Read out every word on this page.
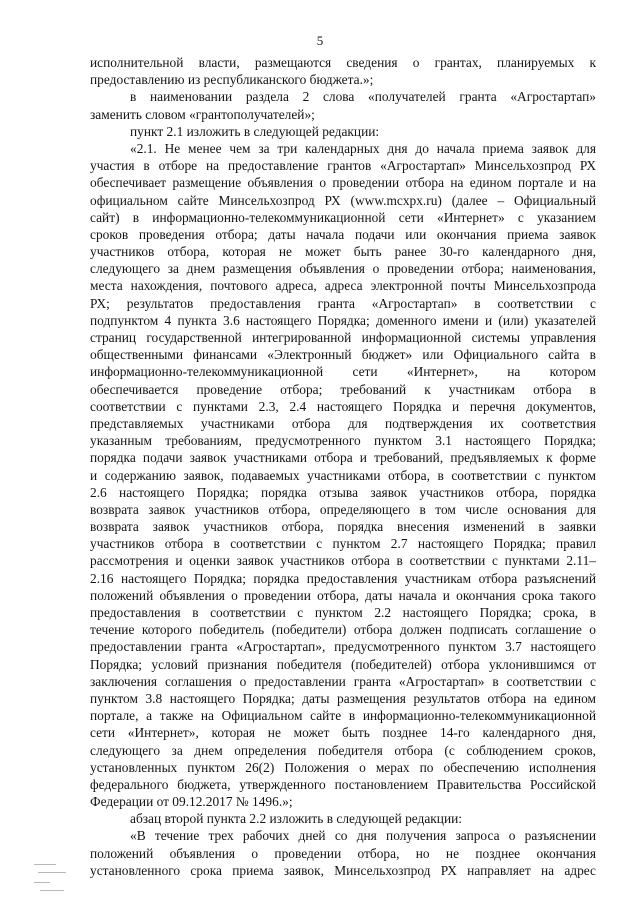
5
исполнительной власти, размещаются сведения о грантах, планируемых к
предоставлению из республиканского бюджета.»;
в наименовании раздела 2 слова «получателей гранта «Агростартап»
заменить словом «грантополучателей»;
пункт 2.1 изложить в следующей редакции:
«2.1. Не менее чем за три календарных дня до начала приема заявок для
участия в отборе на предоставление грантов «Агростартап» Минсельхозпрод РХ
обеспечивает размещение объявления о проведении отбора на едином портале и на
официальном сайте Минсельхозпрод РХ (www.mcxpx.ru) (далее – Официальный
сайт) в информационно-телекоммуникационной сети «Интернет» с указанием
сроков проведения отбора; даты начала подачи или окончания приема заявок
участников отбора, которая не может быть ранее 30-го календарного дня,
следующего за днем размещения объявления о проведении отбора; наименования,
места нахождения, почтового адреса, адреса электронной почты Минсельхозпрода
РХ; результатов предоставления гранта «Агростартап» в соответствии с
подпунктом 4 пункта 3.6 настоящего Порядка; доменного имени и (или) указателей
страниц государственной интегрированной информационной системы управления
общественными финансами «Электронный бюджет» или Официального сайта в
информационно-телекоммуникационной сети «Интернет», на котором
обеспечивается проведение отбора; требований к участникам отбора в
соответствии с пунктами 2.3, 2.4 настоящего Порядка и перечня документов,
представляемых участниками отбора для подтверждения их соответствия
указанным требованиям, предусмотренного пунктом 3.1 настоящего Порядка;
порядка подачи заявок участниками отбора и требований, предъявляемых к форме
и содержанию заявок, подаваемых участниками отбора, в соответствии с пунктом
2.6 настоящего Порядка; порядка отзыва заявок участников отбора, порядка
возврата заявок участников отбора, определяющего в том числе основания для
возврата заявок участников отбора, порядка внесения изменений в заявки
участников отбора в соответствии с пунктом 2.7 настоящего Порядка; правил
рассмотрения и оценки заявок участников отбора в соответствии с пунктами 2.11–
2.16 настоящего Порядка; порядка предоставления участникам отбора разъяснений
положений объявления о проведении отбора, даты начала и окончания срока такого
предоставления в соответствии с пунктом 2.2 настоящего Порядка; срока, в
течение которого победитель (победители) отбора должен подписать соглашение о
предоставлении гранта «Агростартап», предусмотренного пунктом 3.7 настоящего
Порядка; условий признания победителя (победителей) отбора уклонившимся от
заключения соглашения о предоставлении гранта «Агростартап» в соответствии с
пунктом 3.8 настоящего Порядка; даты размещения результатов отбора на едином
портале, а также на Официальном сайте в информационно-телекоммуникационной
сети «Интернет», которая не может быть позднее 14-го календарного дня,
следующего за днем определения победителя отбора (с соблюдением сроков,
установленных пунктом 26(2) Положения о мерах по обеспечению исполнения
федерального бюджета, утвержденного постановлением Правительства Российской
Федерации от 09.12.2017 № 1496.»;
абзац второй пункта 2.2 изложить в следующей редакции:
«В течение трех рабочих дней со дня получения запроса о разъяснении
положений объявления о проведении отбора, но не позднее окончания
установленного срока приема заявок, Минсельхозпрод РХ направляет на адрес
